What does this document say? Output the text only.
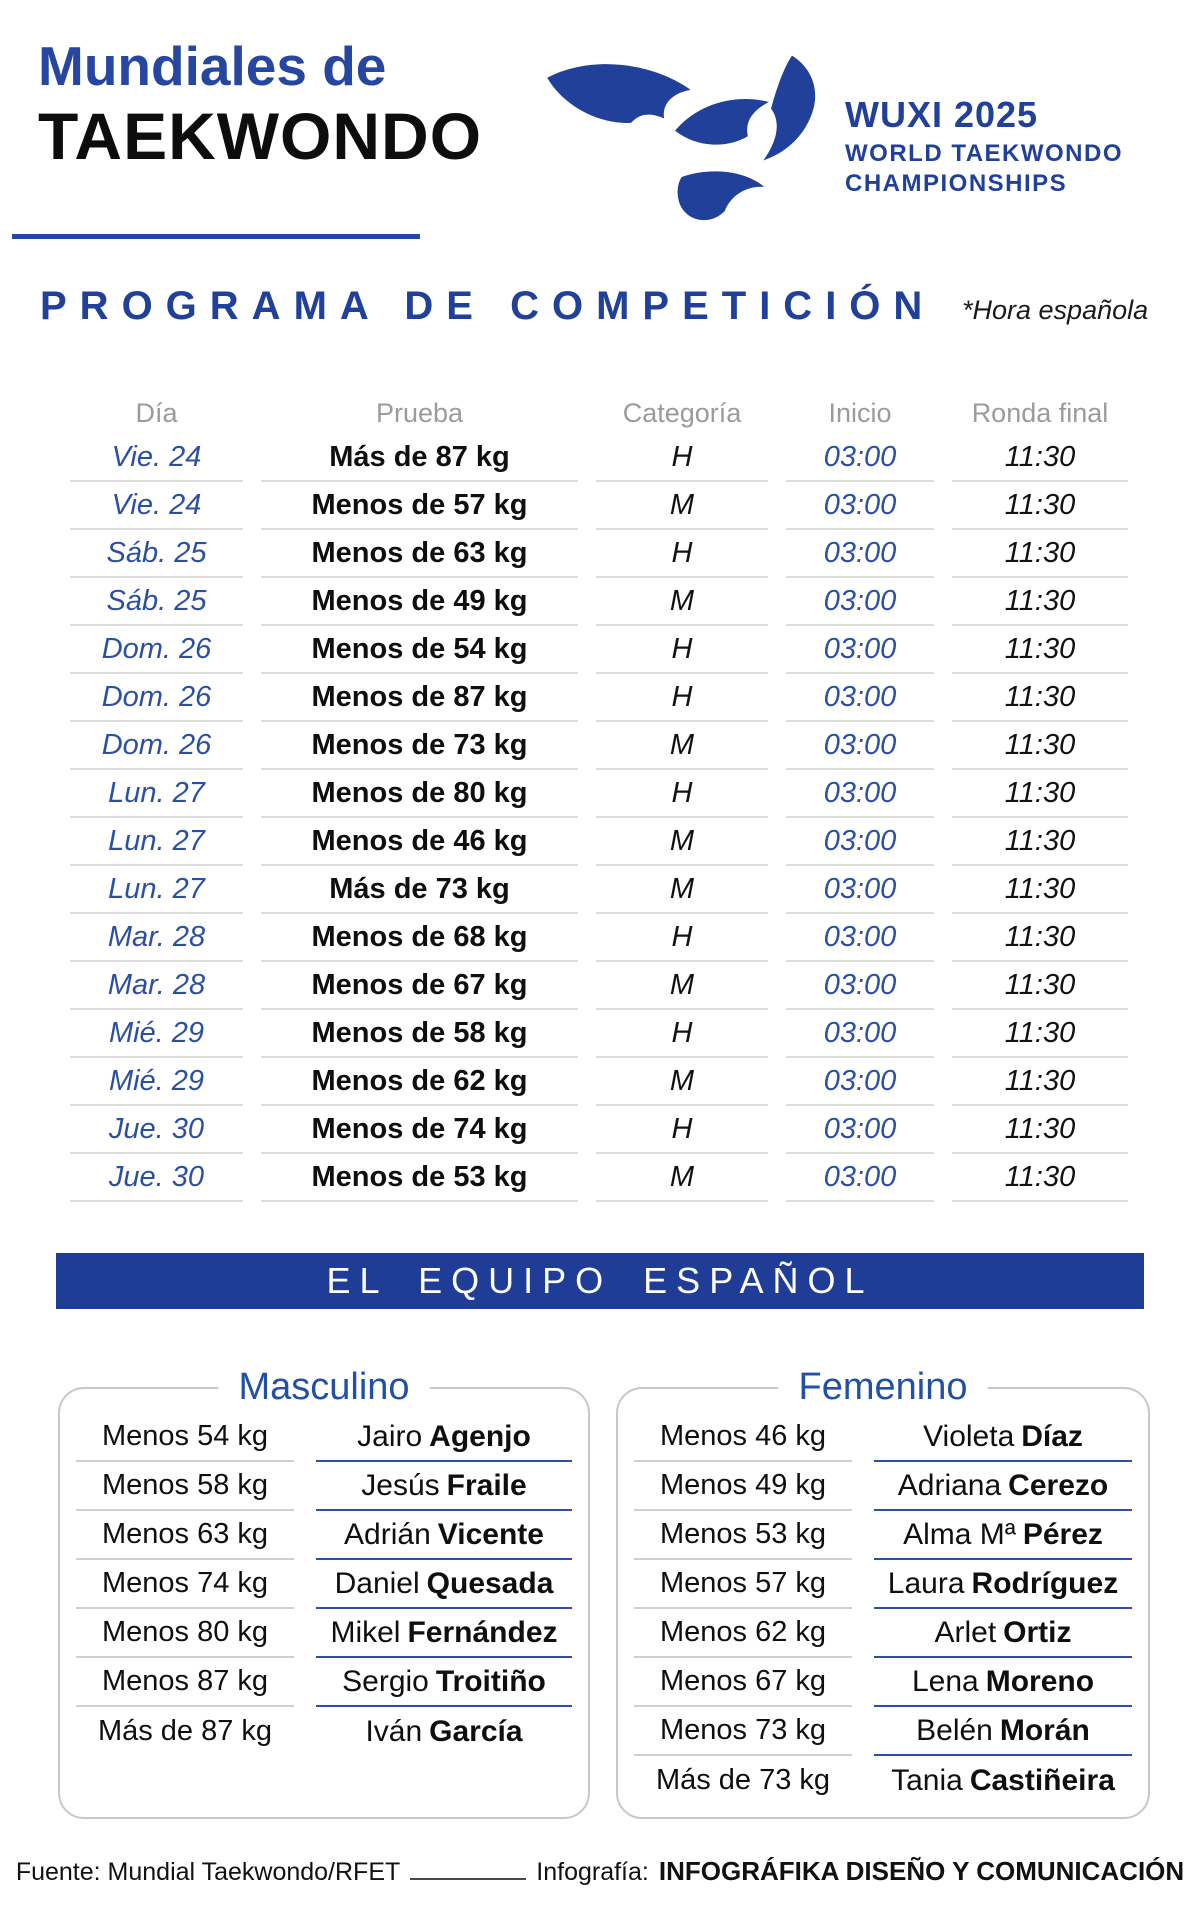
Mundiales de
TAEKWONDO	WUXI 2025
WORLD TAEKWONDO
CHAMPIONSHIPS
PROGRAMA DE COMPETICIÓN *Hora española
Día	Prueba	Categoría	Inicio	Ronda final
Vie. 24	Más de 87 kg	H	03:00	11:30
Vie. 24	Menos de 57 kg	M	03:00	11:30
Sáb. 25	Menos de 63 kg	H	03:00	11:30
Sáb. 25	Menos de 49 kg	M	03:00	11:30
Dom. 26	Menos de 54 kg	H	03:00	11:30
Dom. 26	Menos de 87 kg	H	03:00	11:30
Dom. 26	Menos de 73 kg	M	03:00	11:30
Lun. 27	Menos de 80 kg	H	03:00	11:30
Lun. 27	Menos de 46 kg	M	03:00	11:30
Lun. 27	Más de 73 kg	M	03:00	11:30
Mar. 28	Menos de 68 kg	H	03:00	11:30
Mar. 28	Menos de 67 kg	M	03:00	11:30
Mié. 29	Menos de 58 kg	H	03:00	11:30
Mié. 29	Menos de 62 kg	M	03:00	11:30
Jue. 30	Menos de 74 kg	H	03:00	11:30
Jue. 30	Menos de 53 kg	M	03:00	11:30
EL EQUIPO ESPAÑOL
Masculino
Menos 54 kg	Jairo Agenjo
Menos 58 kg	Jesús Fraile
Menos 63 kg	Adrián Vicente
Menos 74 kg	Daniel Quesada
Menos 80 kg	Mikel Fernández
Menos 87 kg	Sergio Troitiño
Más de 87 kg	Iván García
Femenino
Menos 46 kg	Violeta Díaz
Menos 49 kg	Adriana Cerezo
Menos 53 kg	Alma Mª Pérez
Menos 57 kg	Laura Rodríguez
Menos 62 kg	Arlet Ortiz
Menos 67 kg	Lena Moreno
Menos 73 kg	Belén Morán
Más de 73 kg	Tania Castiñeira
Fuente: Mundial Taekwondo/RFET	Infografía: INFOGRÁFIKA DISEÑO Y COMUNICACIÓN
